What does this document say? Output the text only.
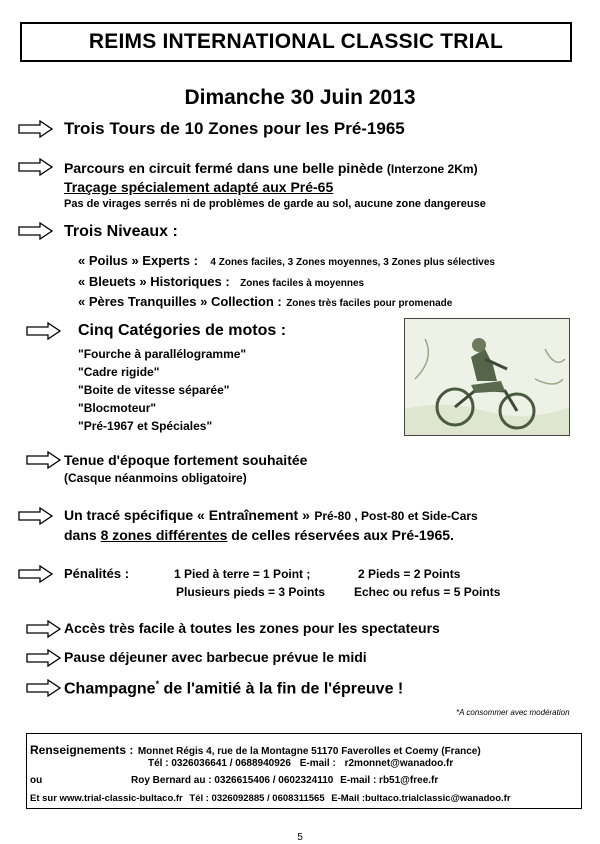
REIMS INTERNATIONAL CLASSIC TRIAL
Dimanche 30 Juin 2013
Trois Tours de 10 Zones pour les Pré-1965
Parcours en circuit fermé dans une belle pinède (Interzone 2Km)
Traçage spécialement adapté aux Pré-65
Pas de virages serrés ni de problèmes de garde au sol, aucune zone dangereuse
Trois Niveaux :
« Poilus » Experts : 4 Zones faciles, 3 Zones moyennes, 3 Zones plus sélectives
« Bleuets » Historiques : Zones faciles à moyennes
« Pères Tranquilles » Collection : Zones très faciles pour promenade
Cinq Catégories de motos :
"Fourche à parallélogramme"
"Cadre rigide"
"Boite de vitesse séparée"
"Blocmoteur"
"Pré-1967 et Spéciales"
Tenue d'époque fortement souhaitée
(Casque néanmoins obligatoire)
Un tracé spécifique « Entraînement » Pré-80 , Post-80 et Side-Cars
dans 8 zones différentes de celles réservées aux Pré-1965.
Pénalités :	1 Pied à terre = 1 Point ;	2 Pieds = 2 Points
Plusieurs pieds = 3 Points Echec ou refus = 5 Points
Accès très facile à toutes les zones pour les spectateurs
Pause déjeuner avec barbecue prévue le midi
Champagne* de l'amitié à la fin de l'épreuve !
*A consommer avec modération
Renseignements : Monnet Régis 4, rue de la Montagne 51170 Faverolles et Coemy (France)
Tél : 0326036641 / 0688940926 E-mail : r2monnet@wanadoo.fr
ou	Roy Bernard au : 0326615406 / 0602324110 E-mail : rb51@free.fr
Et sur www.trial-classic-bultaco.fr Tél : 0326092885 / 0608311565 E-Mail :bultaco.trialclassic@wanadoo.fr
5
